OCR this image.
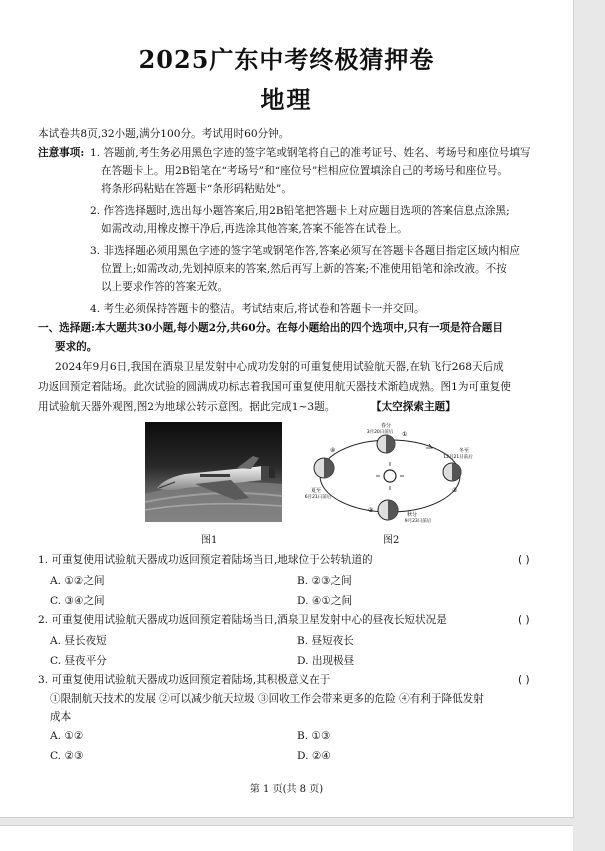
2025广东中考终极猜押卷
地理
本试卷共8页,32小题,满分100分。考试用时60分钟。
注意事项: 1. 答题前,考生务必用黑色字迹的签字笔或钢笔将自己的准考证号、姓名、考场号和座位号填写
在答题卡上。用2B铅笔在“考场号”和“座位号”栏相应位置填涂自己的考场号和座位号。
将条形码粘贴在答题卡“条形码粘贴处”。
2. 作答选择题时,选出每小题答案后,用2B铅笔把答题卡上对应题目选项的答案信息点涂黑;
如需改动,用橡皮擦干净后,再选涂其他答案,答案不能答在试卷上。
3. 非选择题必须用黑色字迹的签字笔或钢笔作答,答案必须写在答题卡各题目指定区域内相应
位置上;如需改动,先划掉原来的答案,然后再写上新的答案;不准使用铅笔和涂改液。不按
以上要求作答的答案无效。
4. 考生必须保持答题卡的整洁。考试结束后,将试卷和答题卡一并交回。
一、选择题:本大题共30小题,每小题2分,共60分。在每小题给出的四个选项中,只有一项是符合题目
要求的。
2024年9月6日,我国在酒泉卫星发射中心成功发射的可重复使用试验航天器,在轨飞行268天后成
功返回预定着陆场。此次试验的圆满成功标志着我国可重复使用航天器技术渐趋成熟。图1为可重复使
用试验航天器外观图,图2为地球公转示意图。据此完成1~3题。	【太空探索主题】
图1
春分
3月20日前后
冬至
12月21日前后
夏至
6月21日前后
秋分
9月23日前后
①
②
③
④
图2
1. 可重复使用试验航天器成功返回预定着陆场当日,地球位于公转轨道的	( )
A. ①②之间	B. ②③之间
C. ③④之间	D. ④①之间
2. 可重复使用试验航天器成功返回预定着陆场当日,酒泉卫星发射中心的昼夜长短状况是	( )
A. 昼长夜短	B. 昼短夜长
C. 昼夜平分	D. 出现极昼
3. 可重复使用试验航天器成功返回预定着陆场,其积极意义在于	( )
①限制航天技术的发展 ②可以减少航天垃圾 ③回收工作会带来更多的危险 ④有利于降低发射
成本
A. ①②	B. ①③
C. ②③	D. ②④
第 1 页(共 8 页)
